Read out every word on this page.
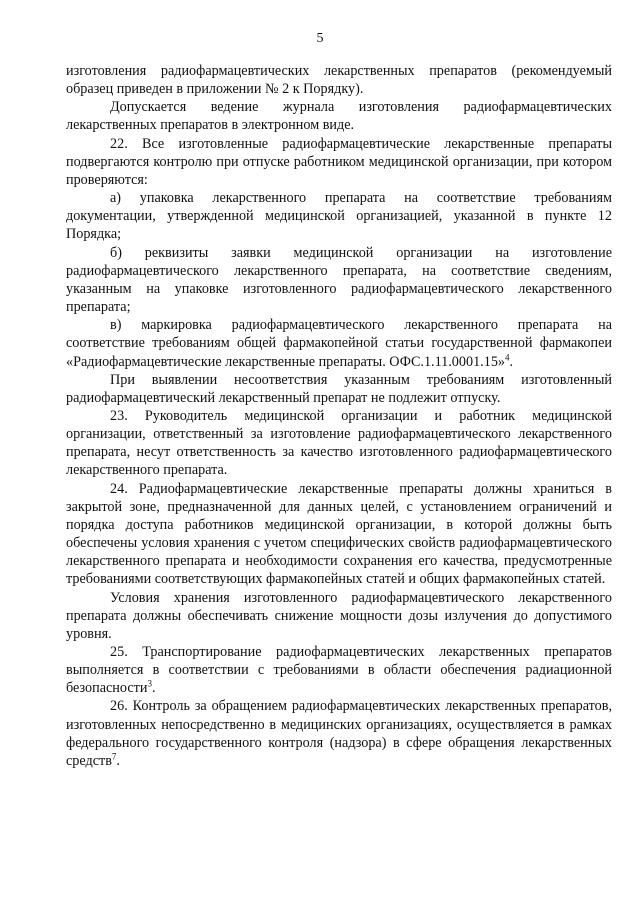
5

изготовления радиофармацевтических лекарственных препаратов (рекомендуемый образец приведен в приложении № 2 к Порядку).

Допускается ведение журнала изготовления радиофармацевтических лекарственных препаратов в электронном виде.

22. Все изготовленные радиофармацевтические лекарственные препараты подвергаются контролю при отпуске работником медицинской организации, при котором проверяются:

а) упаковка лекарственного препарата на соответствие требованиям документации, утвержденной медицинской организацией, указанной в пункте 12 Порядка;

б) реквизиты заявки медицинской организации на изготовление радиофармацевтического лекарственного препарата, на соответствие сведениям, указанным на упаковке изготовленного радиофармацевтического лекарственного препарата;

в) маркировка радиофармацевтического лекарственного препарата на соответствие требованиям общей фармакопейной статьи государственной фармакопеи «Радиофармацевтические лекарственные препараты. ОФС.1.11.0001.15»$^4$.

При выявлении несоответствия указанным требованиям изготовленный радиофармацевтический лекарственный препарат не подлежит отпуску.

23. Руководитель медицинской организации и работник медицинской организации, ответственный за изготовление радиофармацевтического лекарственного препарата, несут ответственность за качество изготовленного радиофармацевтического лекарственного препарата.

24. Радиофармацевтические лекарственные препараты должны храниться в закрытой зоне, предназначенной для данных целей, с установлением ограничений и порядка доступа работников медицинской организации, в которой должны быть обеспечены условия хранения с учетом специфических свойств радиофармацевтического лекарственного препарата и необходимости сохранения его качества, предусмотренные требованиями соответствующих фармакопейных статей и общих фармакопейных статей.

Условия хранения изготовленного радиофармацевтического лекарственного препарата должны обеспечивать снижение мощности дозы излучения до допустимого уровня.

25. Транспортирование радиофармацевтических лекарственных препаратов выполняется в соответствии с требованиями в области обеспечения радиационной безопасности$^3$.

26. Контроль за обращением радиофармацевтических лекарственных препаратов, изготовленных непосредственно в медицинских организациях, осуществляется в рамках федерального государственного контроля (надзора) в сфере обращения лекарственных средств$^7$.
